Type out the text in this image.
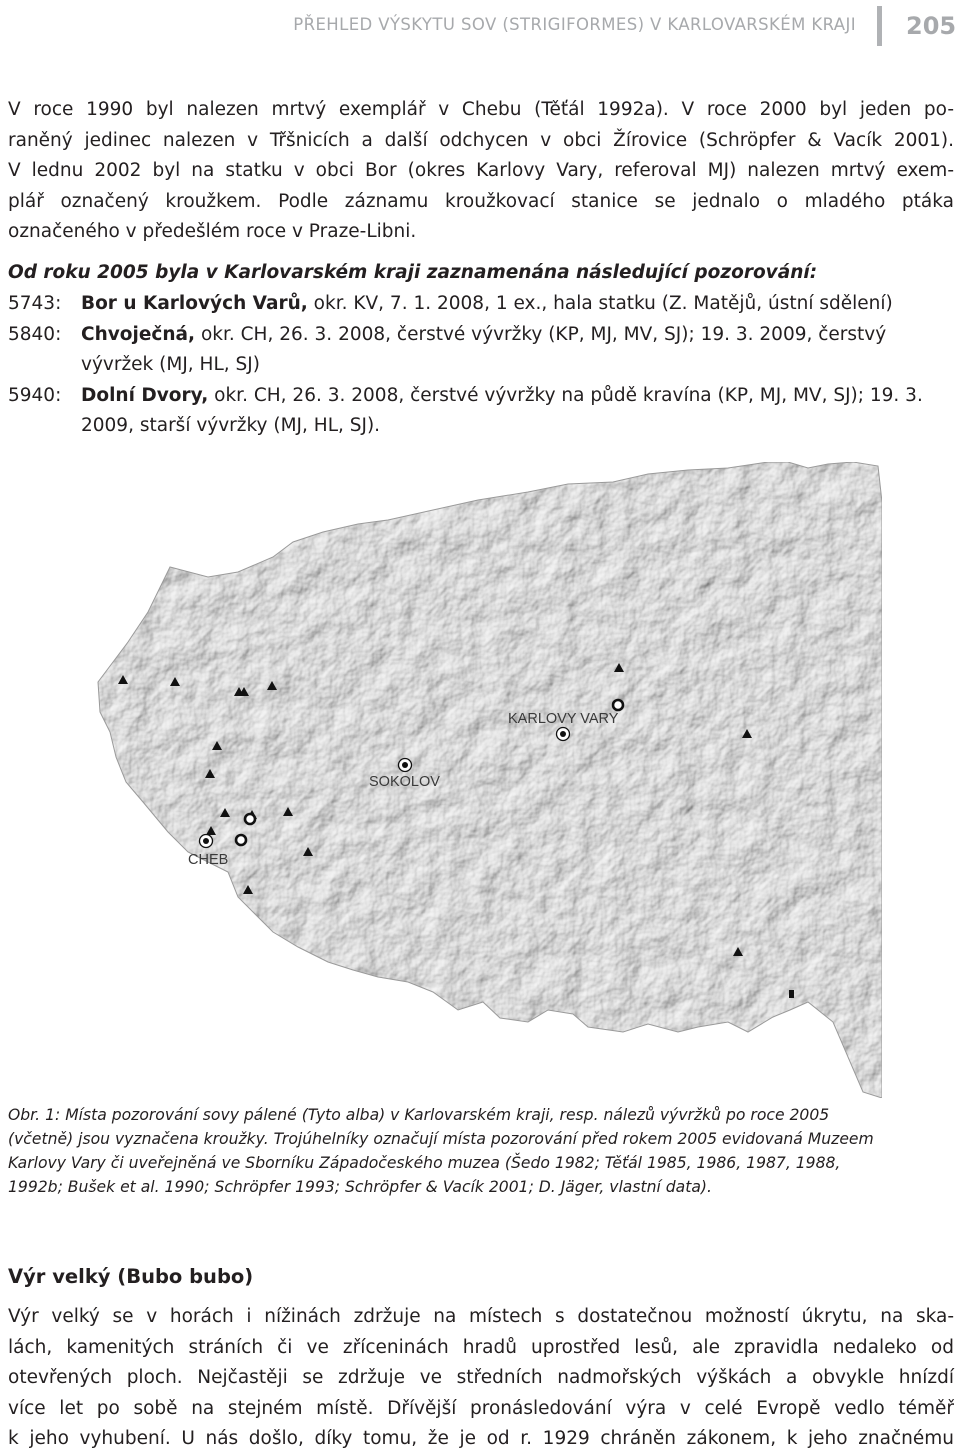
PŘEHLED VÝSKYTU SOV (STRIGIFORMES) V KARLOVARSKÉM KRAJI 205
V roce 1990 byl nalezen mrtvý exemplář v Chebu (Těťál 1992a). V roce 2000 byl jeden po-
raněný jedinec nalezen v Třšnicích a další odchycen v obci Žírovice (Schröpfer & Vacík 2001).
V lednu 2002 byl na statku v obci Bor (okres Karlovy Vary, referoval MJ) nalezen mrtvý exem-
plář označený kroužkem. Podle záznamu kroužkovací stanice se jednalo o mladého ptáka
označeného v předešlém roce v Praze-Libni.
Od roku 2005 byla v Karlovarském kraji zaznamenána následující pozorování:
5743:	Bor u Karlových Varů, okr. KV, 7. 1. 2008, 1 ex., hala statku (Z. Matějů, ústní sdělení)
5840:	Chvoječná, okr. CH, 26. 3. 2008, čerstvé vývržky (KP, MJ, MV, SJ); 19. 3. 2009, čerstvý vývržek (MJ, HL, SJ)
5940:	Dolní Dvory, okr. CH, 26. 3. 2008, čerstvé vývržky na půdě kravína (KP, MJ, MV, SJ); 19. 3. 2009, starší vývržky (MJ, HL, SJ).
KARLOVY VARY
SOKOLOV
CHEB
Obr. 1: Místa pozorování sovy pálené (Tyto alba) v Karlovarském kraji, resp. nálezů vývržků po roce 2005 (včetně) jsou vyznačena kroužky. Trojúhelníky označují místa pozorování před rokem 2005 evidovaná Muzeem Karlovy Vary či uveřejněná ve Sborníku Západočeského muzea (Šedo 1982; Těťál 1985, 1986, 1987, 1988, 1992b; Bušek et al. 1990; Schröpfer 1993; Schröpfer & Vacík 2001; D. Jäger, vlastní data).
Výr velký (Bubo bubo)
Výr velký se v horách i nížinách zdržuje na místech s dostatečnou možností úkrytu, na ska-
lách, kamenitých stráních či ve zříceninách hradů uprostřed lesů, ale zpravidla nedaleko od
otevřených ploch. Nejčastěji se zdržuje ve středních nadmořských výškách a obvykle hnízdí
více let po sobě na stejném místě. Dřívější pronásledování výra v celé Evropě vedlo téměř
k jeho vyhubení. U nás došlo, díky tomu, že je od r. 1929 chráněn zákonem, k jeho značnému
